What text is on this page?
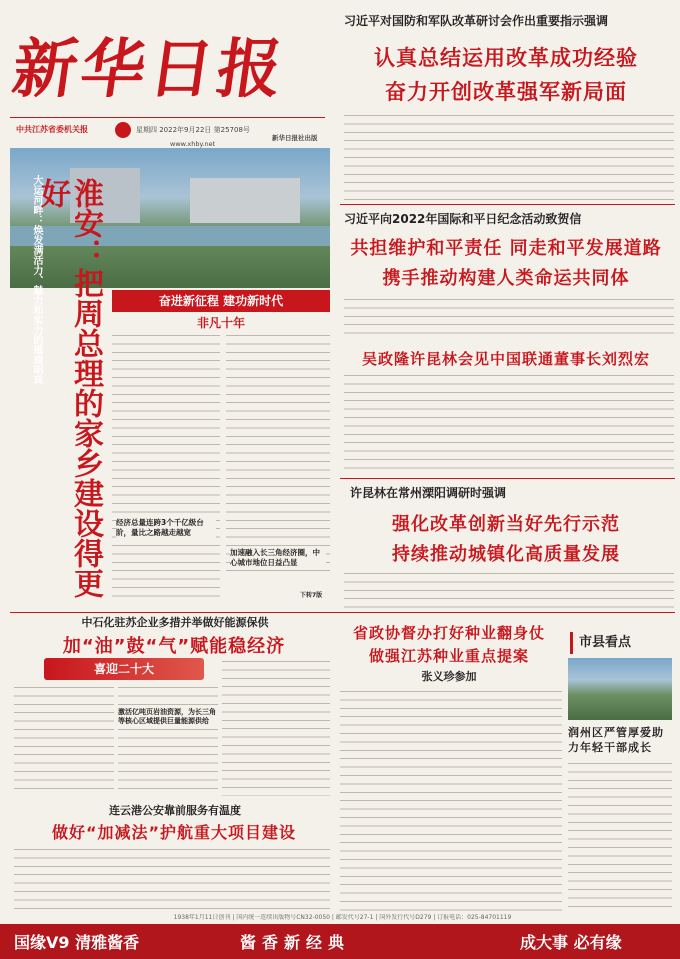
新华日报
中共江苏省委机关报
www.xhby.net
星期四 2022年9月22日 第25708号
新华日报社出版
习近平对国防和军队改革研讨会作出重要指示强调
认真总结运用改革成功经验
奋力开创改革强军新局面
大运河畔：焕发满活力、魅力和实力的璀璨明珠 淮安：把周总理的家乡建设得更好
奋进新征程 建功新时代
非凡十年
经济总量连跨3个千亿级台阶，量比之路越走越宽
加速融入长三角经济圈，中心城市地位日益凸显
下转7版
习近平向2022年国际和平日纪念活动致贺信
共担维护和平责任 同走和平发展道路
携手推动构建人类命运共同体
吴政隆许昆林会见中国联通董事长刘烈宏
许昆林在常州溧阳调研时强调
强化改革创新当好先行示范
持续推动城镇化高质量发展
中石化驻苏企业多措并举做好能源保供
加“油”鼓“气”赋能稳经济
喜迎二十大
激活亿吨页岩油资源，为长三角等核心区域提供巨量能源供给
连云港公安靠前服务有温度
做好“加减法”护航重大项目建设
省政协督办打好种业翻身仗
做强江苏种业重点提案
张义珍参加
市县看点
润州区严管厚爱助力年轻干部成长
1938年1月11日创刊 | 国内统一连续出版物号CN32-0050 | 邮发代号27-1 | 国外发行代号D279 | 订报电话：025-84701119
国缘V9 清雅酱香	酱香新经典	成大事 必有缘
